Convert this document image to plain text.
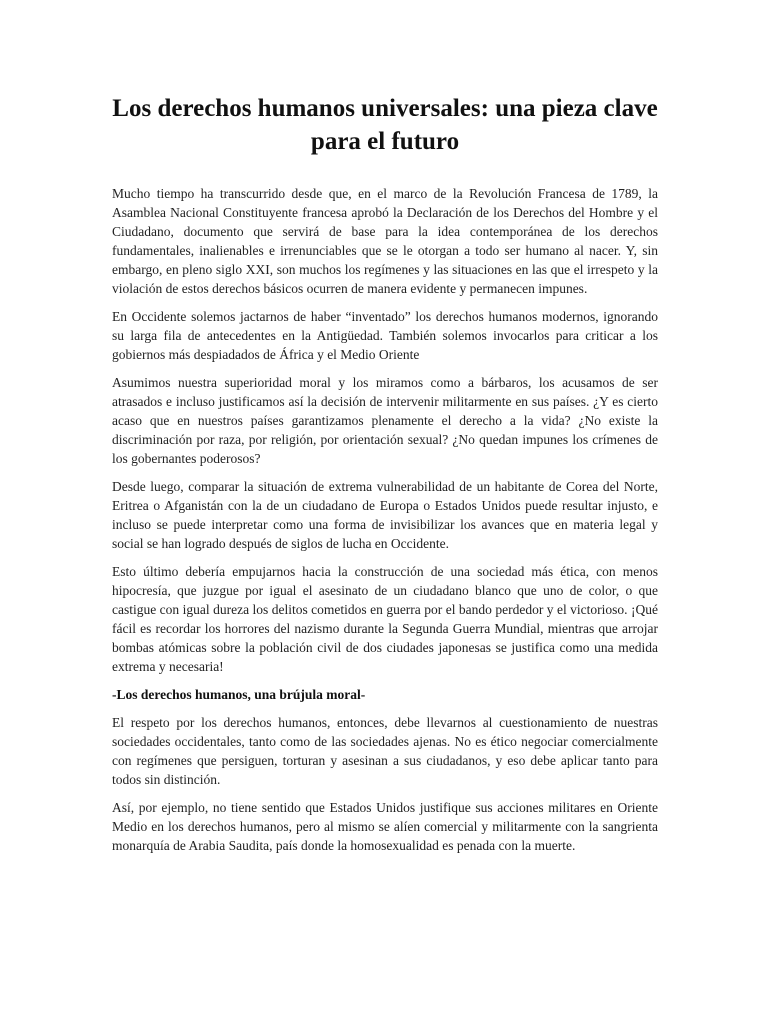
Los derechos humanos universales: una pieza clave
para el futuro

Mucho tiempo ha transcurrido desde que, en el marco de la Revolución Francesa de 1789, la Asamblea Nacional Constituyente francesa aprobó la Declaración de los Derechos del Hombre y el Ciudadano, documento que servirá de base para la idea contemporánea de los derechos fundamentales, inalienables e irrenunciables que se le otorgan a todo ser humano al nacer. Y, sin embargo, en pleno siglo XXI, son muchos los regímenes y las situaciones en las que el irrespeto y la violación de estos derechos básicos ocurren de manera evidente y permanecen impunes.

En Occidente solemos jactarnos de haber “inventado” los derechos humanos modernos, ignorando su larga fila de antecedentes en la Antigüedad. También solemos invocarlos para criticar a los gobiernos más despiadados de África y el Medio Oriente

Asumimos nuestra superioridad moral y los miramos como a bárbaros, los acusamos de ser atrasados e incluso justificamos así la decisión de intervenir militarmente en sus países. ¿Y es cierto acaso que en nuestros países garantizamos plenamente el derecho a la vida? ¿No existe la discriminación por raza, por religión, por orientación sexual? ¿No quedan impunes los crímenes de los gobernantes poderosos?

Desde luego, comparar la situación de extrema vulnerabilidad de un habitante de Corea del Norte, Eritrea o Afganistán con la de un ciudadano de Europa o Estados Unidos puede resultar injusto, e incluso se puede interpretar como una forma de invisibilizar los avances que en materia legal y social se han logrado después de siglos de lucha en Occidente.

Esto último debería empujarnos hacia la construcción de una sociedad más ética, con menos hipocresía, que juzgue por igual el asesinato de un ciudadano blanco que uno de color, o que castigue con igual dureza los delitos cometidos en guerra por el bando perdedor y el victorioso. ¡Qué fácil es recordar los horrores del nazismo durante la Segunda Guerra Mundial, mientras que arrojar bombas atómicas sobre la población civil de dos ciudades japonesas se justifica como una medida extrema y necesaria!

-Los derechos humanos, una brújula moral-

El respeto por los derechos humanos, entonces, debe llevarnos al cuestionamiento de nuestras sociedades occidentales, tanto como de las sociedades ajenas. No es ético negociar comercialmente con regímenes que persiguen, torturan y asesinan a sus ciudadanos, y eso debe aplicar tanto para todos sin distinción.

Así, por ejemplo, no tiene sentido que Estados Unidos justifique sus acciones militares en Oriente Medio en los derechos humanos, pero al mismo se alíen comercial y militarmente con la sangrienta monarquía de Arabia Saudita, país donde la homosexualidad es penada con la muerte.
